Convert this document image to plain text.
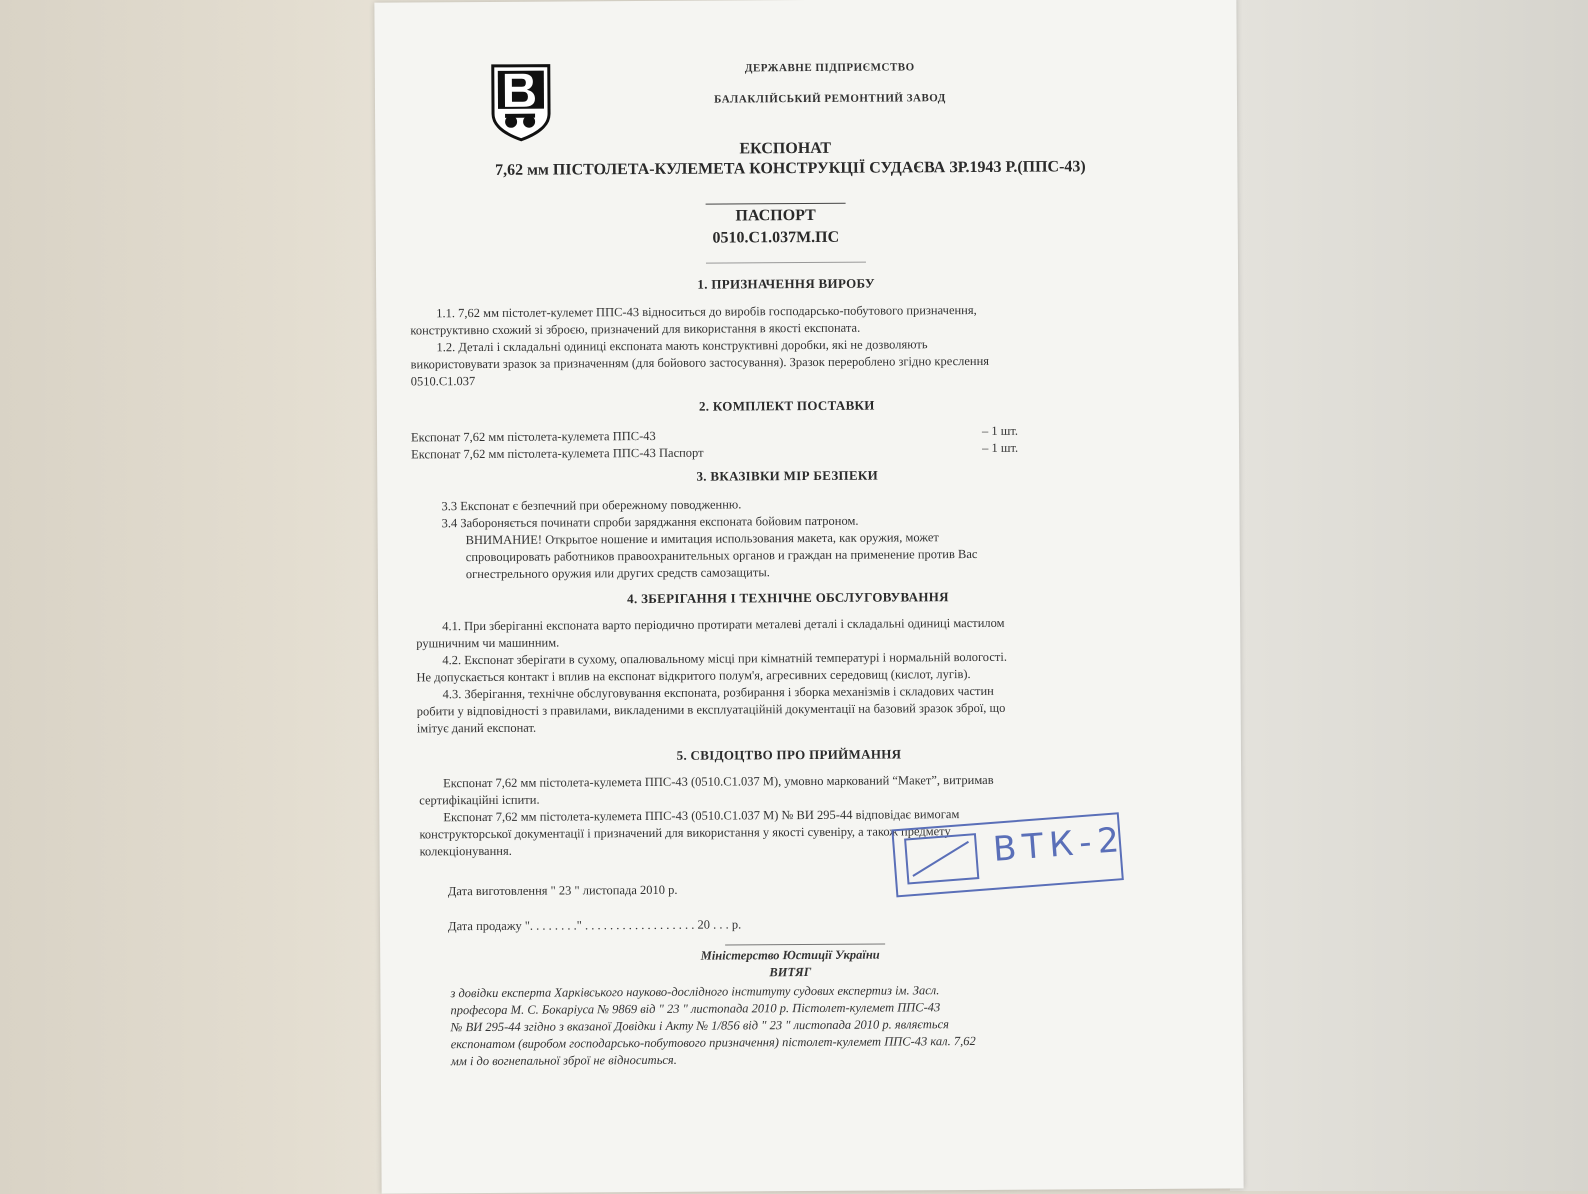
ДЕРЖАВНЕ ПІДПРИЄМСТВО
БАЛАКЛІЙСЬКИЙ РЕМОНТНИЙ ЗАВОД
ЕКСПОНАТ
7,62 мм ПІСТОЛЕТА-КУЛЕМЕТА КОНСТРУКЦІЇ СУДАЄВА ЗР.1943 Р.(ППС-43)
ПАСПОРТ
0510.С1.037М.ПС
1. ПРИЗНАЧЕННЯ ВИРОБУ
1.1. 7,62 мм пістолет-кулемет ППС-43 відноситься до виробів господарсько-побутового призначення,
конструктивно схожий зі зброєю, призначений для використання в якості експоната.
1.2. Деталі і складальні одиниці експоната мають конструктивні доробки, які не дозволяють
використовувати зразок за призначенням (для бойового застосування). Зразок перероблено згідно креслення
0510.С1.037
2. КОМПЛЕКТ ПОСТАВКИ
Експонат 7,62 мм пістолета-кулемета ППС-43	– 1 шт.
Експонат 7,62 мм пістолета-кулемета ППС-43 Паспорт	– 1 шт.
3. ВКАЗІВКИ МІР БЕЗПЕКИ
3.3 Експонат є безпечний при обережному поводженню.
3.4 Забороняється починати спроби заряджання експоната бойовим патроном.
ВНИМАНИЕ! Открытое ношение и имитация использования макета, как оружия, может
спровоцировать работников правоохранительных органов и граждан на применение против Вас
огнестрельного оружия или других средств самозащиты.
4. ЗБЕРІГАННЯ І ТЕХНІЧНЕ ОБСЛУГОВУВАННЯ
4.1. При зберіганні експоната варто періодично протирати металеві деталі і складальні одиниці мастилом
рушничним чи машинним.
4.2. Експонат зберігати в сухому, опалювальному місці при кімнатній температурі і нормальній вологості.
Не допускається контакт і вплив на експонат відкритого полум'я, агресивних середовищ (кислот, лугів).
4.3. Зберігання, технічне обслуговування експоната, розбирання і зборка механізмів і складових частин
робити у відповідності з правилами, викладеними в експлуатаційній документації на базовий зразок зброї, що
імітує даний експонат.
5. СВІДОЦТВО ПРО ПРИЙМАННЯ
Експонат 7,62 мм пістолета-кулемета ППС-43 (0510.С1.037 М), умовно маркований “Макет”, витримав
сертифікаційні іспити.
Експонат 7,62 мм пістолета-кулемета ППС-43 (0510.С1.037 М) № ВИ 295-44 відповідає вимогам
конструкторської документації і призначений для використання у якості сувеніру, а також предмету
колекціонування.
Дата виготовлення " 23 " листопада 2010 р.
Дата продажу ". . . . . . . ." . . . . . . . . . . . . . . . . . . 20 . . . р.
ВТК-2
Міністерство Юстиції України
ВИТЯГ
з довідки експерта Харківського науково-дослідного інституту судових експертиз ім. Засл.
професора М. С. Бокаріуса № 9869 від " 23 " листопада 2010 р. Пістолет-кулемет ППС-43
№ ВИ 295-44 згідно з вказаної Довідки і Акту № 1/856 від " 23 " листопада 2010 р. являється
експонатом (виробом господарсько-побутового призначення) пістолет-кулемет ППС-43 кал. 7,62
мм і до вогнепальної зброї не відноситься.
